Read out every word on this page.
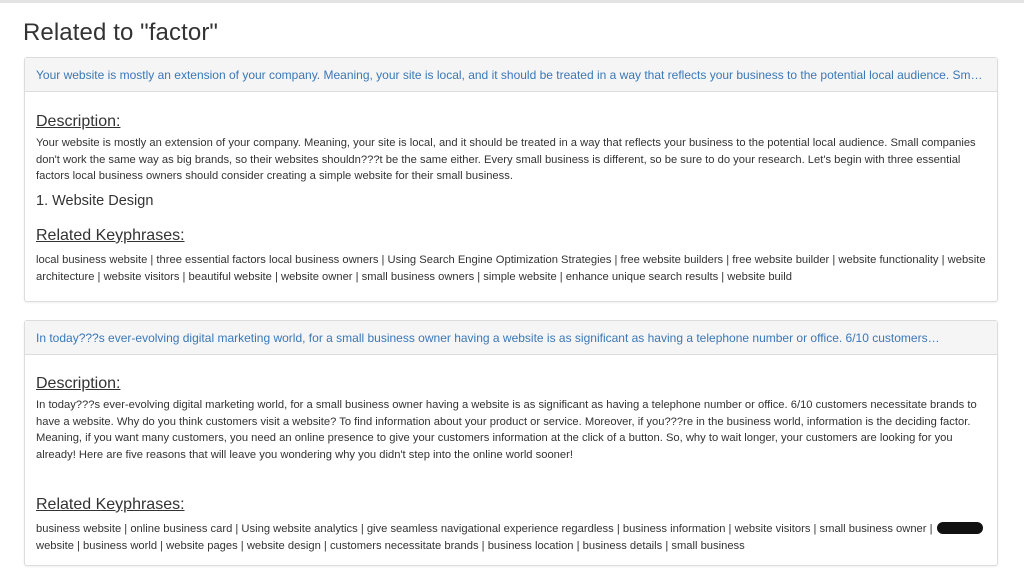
Related to "factor"
Your website is mostly an extension of your company. Meaning, your site is local, and it should be treated in a way that reflects your business to the potential local audience. Sm…
Description:

Your website is mostly an extension of your company. Meaning, your site is local, and it should be treated in a way that reflects your business to the potential local audience. Small companies don't work the same way as big brands, so their websites shouldn???t be the same either. Every small business is different, so be sure to do your research. Let's begin with three essential factors local business owners should consider creating a simple website for their small business.

1. Website Design
Related Keyphrases:

local business website | three essential factors local business owners | Using Search Engine Optimization Strategies | free website builders | free website builder | website functionality | website architecture | website visitors | beautiful website | website owner | small business owners | simple website | enhance unique search results | website build

In today???s ever-evolving digital marketing world, for a small business owner having a website is as significant as having a telephone number or office. 6/10 customers…
Description:

In today???s ever-evolving digital marketing world, for a small business owner having a website is as significant as having a telephone number or office. 6/10 customers necessitate brands to have a website. Why do you think customers visit a website? To find information about your product or service. Moreover, if you???re in the business world, information is the deciding factor. Meaning, if you want many customers, you need an online presence to give your customers information at the click of a button. So, why to wait longer, your customers are looking for you already! Here are five reasons that will leave you wondering why you didn't step into the online world sooner!

Related Keyphrases:

business website | online business card | Using website analytics | give seamless navigational experience regardless | business information | website visitors | small business owner | website | business world | website pages | website design | customers necessitate brands | business location | business details | small business
